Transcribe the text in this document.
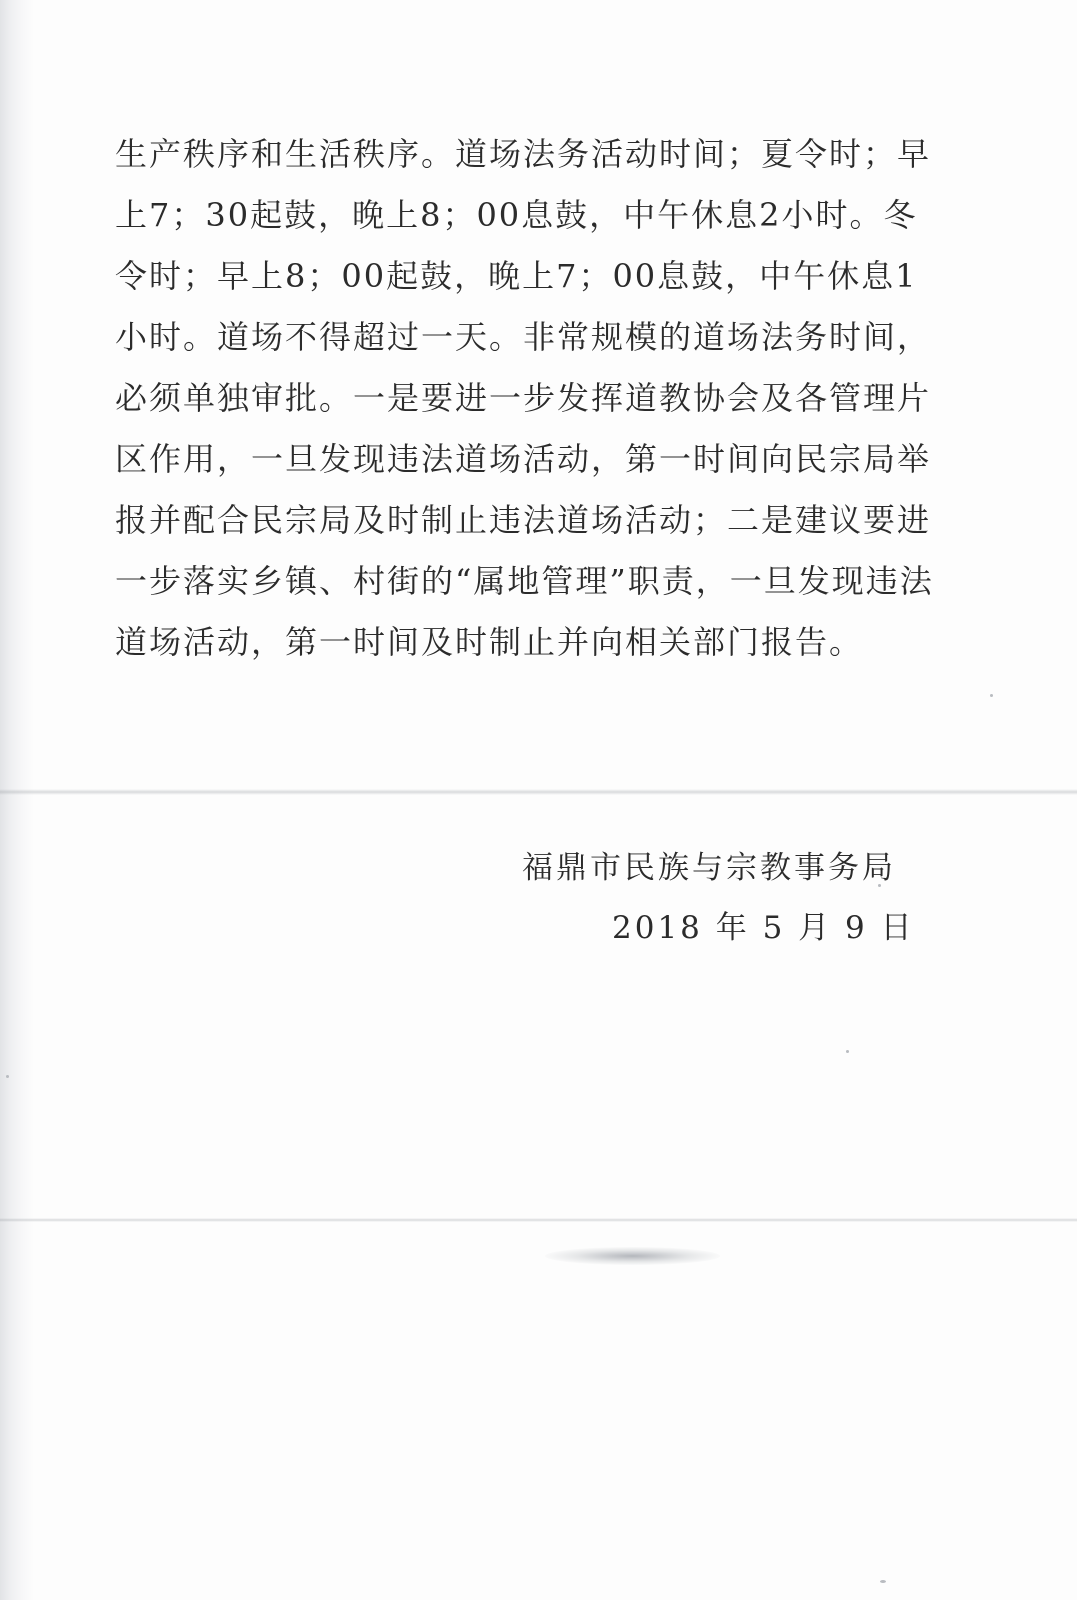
生产秩序和生活秩序。道场法务活动时间；夏令时；早上7；30起鼓，晚上8；00息鼓，中午休息2小时。冬令时；早上8；00起鼓，晚上7；00息鼓，中午休息1小时。道场不得超过一天。非常规模的道场法务时间，必须单独审批。一是要进一步发挥道教协会及各管理片区作用，一旦发现违法道场活动，第一时间向民宗局举报并配合民宗局及时制止违法道场活动；二是建议要进一步落实乡镇、村街的“属地管理”职责，一旦发现违法道场活动，第一时间及时制止并向相关部门报告。

福鼎市民族与宗教事务局

2018 年 5 月 9 日
